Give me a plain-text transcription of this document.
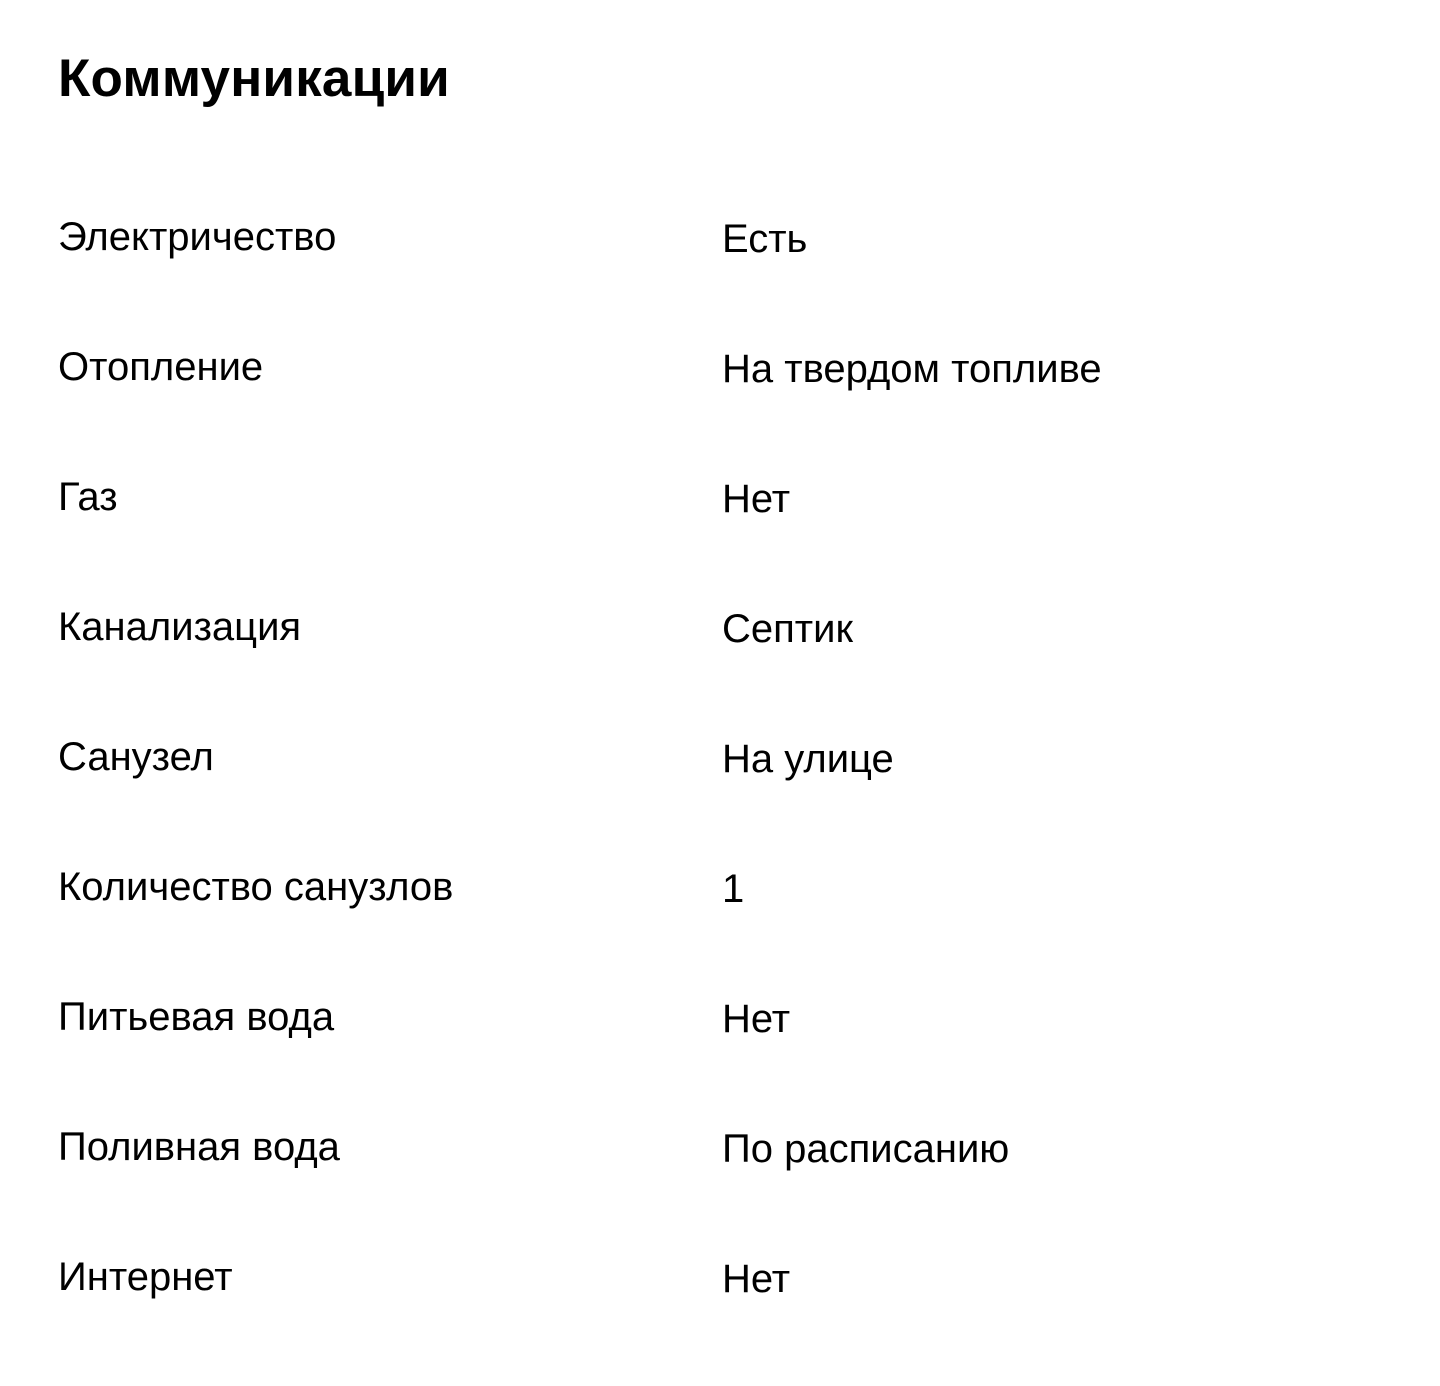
Коммуникации
Электричество	Есть
Отопление	На твердом топливе
Газ	Нет
Канализация	Септик
Санузел	На улице
Количество санузлов	1
Питьевая вода	Нет
Поливная вода	По расписанию
Интернет	Нет
